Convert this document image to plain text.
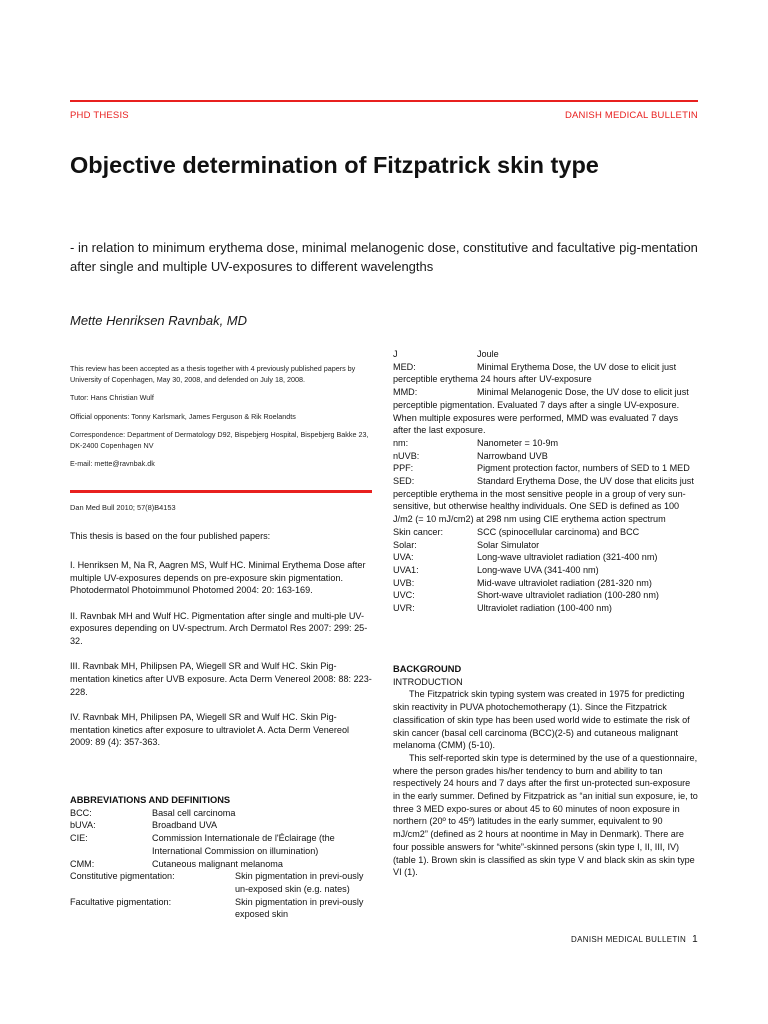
PHD THESIS	DANISH MEDICAL BULLETIN
Objective determination of Fitzpatrick skin type
- in relation to minimum erythema dose, minimal melanogenic dose, constitutive and facultative pig-mentation after single and multiple UV-exposures to different wavelengths
Mette Henriksen Ravnbak, MD

This review has been accepted as a thesis together with 4 previously published papers by University of Copenhagen, May 30, 2008, and defended on July 18, 2008.

Tutor: Hans Christian Wulf

Official opponents: Tonny Karlsmark, James Ferguson & Rik Roelandts

Correspondence: Department of Dermatology D92, Bispebjerg Hospital, Bispebjerg Bakke 23, DK-2400 Copenhagen NV

E-mail: mette@ravnbak.dk

Dan Med Bull 2010; 57(8)B4153
This thesis is based on the four published papers:

I. Henriksen M, Na R, Aagren MS, Wulf HC. Minimal Erythema Dose after multiple UV-exposures depends on pre-exposure skin pigmentation. Photodermatol Photoimmunol Photomed 2004: 20: 163-169.

II. Ravnbak MH and Wulf HC. Pigmentation after single and multi-ple UV-exposures depending on UV-spectrum. Arch Dermatol Res 2007: 299: 25-32.

III. Ravnbak MH, Philipsen PA, Wiegell SR and Wulf HC. Skin Pig-mentation kinetics after UVB exposure. Acta Derm Venereol 2008: 88: 223-228.

IV. Ravnbak MH, Philipsen PA, Wiegell SR and Wulf HC. Skin Pig-mentation kinetics after exposure to ultraviolet A. Acta Derm Venereol 2009: 89 (4): 357-363.

ABBREVIATIONS AND DEFINITIONS
BCC:	Basal cell carcinoma
bUVA:	Broadband UVA
CIE:	Commission Internationale de l'Éclairage (the International Commission on illumination)
CMM:	Cutaneous malignant melanoma
Constitutive pigmentation:	Skin pigmentation in previ-ously un-exposed skin (e.g. nates)
Facultative pigmentation:	Skin pigmentation in previ-ously exposed skin

J	Joule

MED:	Minimal Erythema Dose, the UV dose to elicit just perceptible erythema 24 hours after UV-exposure

MMD:	Minimal Melanogenic Dose, the UV dose to elicit just perceptible pigmentation. Evaluated 7 days after a single UV-exposure. When multiple exposures were performed, MMD was evaluated 7 days after the last exposure.

nm:	Nanometer = 10-9m

nUVB:	Narrowband UVB

PPF:	Pigment protection factor, numbers of SED to 1 MED

SED:	Standard Erythema Dose, the UV dose that elicits just perceptible erythema in the most sensitive people in a group of very sun-sensitive, but otherwise healthy individuals. One SED is defined as 100 J/m2 (= 10 mJ/cm2) at 298 nm using CIE erythema action spectrum

Skin cancer:	SCC (spinocellular carcinoma) and BCC

Solar:	Solar Simulator

UVA:	Long-wave ultraviolet radiation (321-400 nm)

UVA1:	Long-wave UVA (341-400 nm)

UVB:	Mid-wave ultraviolet radiation (281-320 nm)

UVC:	Short-wave ultraviolet radiation (100-280 nm)

UVR:	Ultraviolet radiation (100-400 nm)

BACKGROUND
INTRODUCTION

The Fitzpatrick skin typing system was created in 1975 for predicting skin reactivity in PUVA photochemotherapy (1). Since the Fitzpatrick classification of skin type has been used world wide to estimate the risk of skin cancer (basal cell carcinoma (BCC)(2-5) and cutaneous malignant melanoma (CMM) (5-10).

This self-reported skin type is determined by the use of a questionnaire, where the person grades his/her tendency to burn and ability to tan respectively 24 hours and 7 days after the first un-protected sun-exposure in the early summer. Defined by Fitzpatrick as “an initial sun exposure, ie, to three 3 MED expo-sures or about 45 to 60 minutes of noon exposure in northern (20º to 45º) latitudes in the early summer, equivalent to 90 mJ/cm2” (defined as 2 hours at noontime in May in Denmark). There are four possible answers for “white”-skinned persons (skin type I, II, III, IV)(table 1). Brown skin is classified as skin type V and black skin as skin type VI (1).

DANISH MEDICAL BULLETIN 1
